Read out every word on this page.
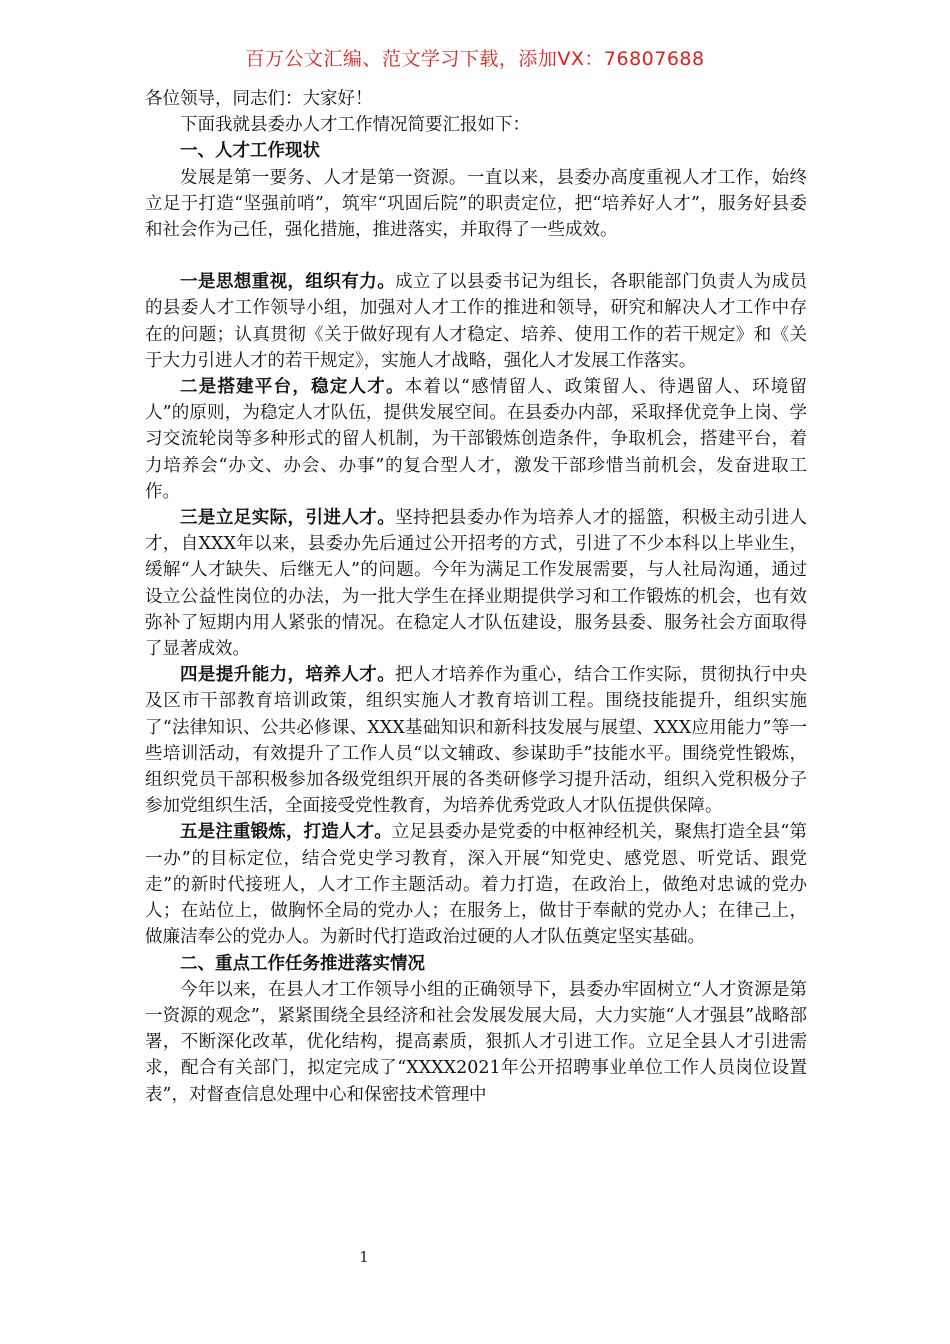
百万公文汇编、范文学习下载，添加VX：76807688

各位领导，同志们：大家好！

下面我就县委办人才工作情况简要汇报如下：

一、人才工作现状

发展是第一要务、人才是第一资源。一直以来，县委办高度重视人才工作，始终立足于打造“坚强前哨”，筑牢“巩固后院”的职责定位，把“培养好人才”，服务好县委和社会作为己任，强化措施，推进落实，并取得了一些成效。

一是思想重视，组织有力。成立了以县委书记为组长，各职能部门负责人为成员的县委人才工作领导小组，加强对人才工作的推进和领导，研究和解决人才工作中存在的问题；认真贯彻《关于做好现有人才稳定、培养、使用工作的若干规定》和《关于大力引进人才的若干规定》，实施人才战略，强化人才发展工作落实。

二是搭建平台，稳定人才。本着以“感情留人、政策留人、待遇留人、环境留人”的原则，为稳定人才队伍，提供发展空间。在县委办内部，采取择优竞争上岗、学习交流轮岗等多种形式的留人机制，为干部锻炼创造条件，争取机会，搭建平台，着力培养会“办文、办会、办事”的复合型人才，激发干部珍惜当前机会，发奋进取工作。

三是立足实际，引进人才。坚持把县委办作为培养人才的摇篮，积极主动引进人才，自XXX年以来，县委办先后通过公开招考的方式，引进了不少本科以上毕业生，缓解“人才缺失、后继无人”的问题。今年为满足工作发展需要，与人社局沟通，通过设立公益性岗位的办法，为一批大学生在择业期提供学习和工作锻炼的机会，也有效弥补了短期内用人紧张的情况。在稳定人才队伍建设，服务县委、服务社会方面取得了显著成效。

四是提升能力，培养人才。把人才培养作为重心，结合工作实际，贯彻执行中央及区市干部教育培训政策，组织实施人才教育培训工程。围绕技能提升，组织实施了“法律知识、公共必修课、XXX基础知识和新科技发展与展望、XXX应用能力”等一些培训活动，有效提升了工作人员“以文辅政、参谋助手”技能水平。围绕党性锻炼，组织党员干部积极参加各级党组织开展的各类研修学习提升活动，组织入党积极分子参加党组织生活，全面接受党性教育，为培养优秀党政人才队伍提供保障。

五是注重锻炼，打造人才。立足县委办是党委的中枢神经机关，聚焦打造全县“第一办”的目标定位，结合党史学习教育，深入开展“知党史、感党恩、听党话、跟党走”的新时代接班人，人才工作主题活动。着力打造，在政治上，做绝对忠诚的党办人；在站位上，做胸怀全局的党办人；在服务上，做甘于奉献的党办人；在律己上，做廉洁奉公的党办人。为新时代打造政治过硬的人才队伍奠定坚实基础。

二、重点工作任务推进落实情况

今年以来，在县人才工作领导小组的正确领导下，县委办牢固树立“人才资源是第一资源的观念”，紧紧围绕全县经济和社会发展发展大局，大力实施“人才强县”战略部署，不断深化改革，优化结构，提高素质，狠抓人才引进工作。立足全县人才引进需求，配合有关部门，拟定完成了“XXXX2021年公开招聘事业单位工作人员岗位设置表”，对督查信息处理中心和保密技术管理中

1
